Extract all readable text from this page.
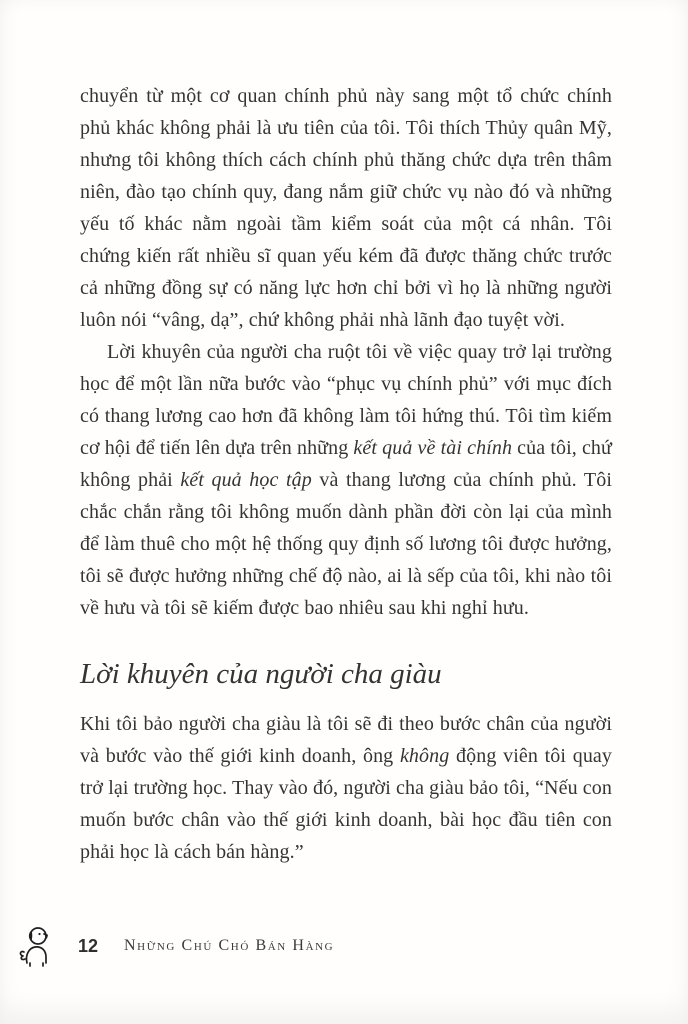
chuyển từ một cơ quan chính phủ này sang một tổ chức chính phủ khác không phải là ưu tiên của tôi. Tôi thích Thủy quân Mỹ, nhưng tôi không thích cách chính phủ thăng chức dựa trên thâm niên, đào tạo chính quy, đang nắm giữ chức vụ nào đó và những yếu tố khác nằm ngoài tầm kiểm soát của một cá nhân. Tôi chứng kiến rất nhiều sĩ quan yếu kém đã được thăng chức trước cả những đồng sự có năng lực hơn chỉ bởi vì họ là những người luôn nói “vâng, dạ”, chứ không phải nhà lãnh đạo tuyệt vời.

Lời khuyên của người cha ruột tôi về việc quay trở lại trường học để một lần nữa bước vào “phục vụ chính phủ” với mục đích có thang lương cao hơn đã không làm tôi hứng thú. Tôi tìm kiếm cơ hội để tiến lên dựa trên những kết quả về tài chính của tôi, chứ không phải kết quả học tập và thang lương của chính phủ. Tôi chắc chắn rằng tôi không muốn dành phần đời còn lại của mình để làm thuê cho một hệ thống quy định số lương tôi được hưởng, tôi sẽ được hưởng những chế độ nào, ai là sếp của tôi, khi nào tôi về hưu và tôi sẽ kiếm được bao nhiêu sau khi nghỉ hưu.

Lời khuyên của người cha giàu

Khi tôi bảo người cha giàu là tôi sẽ đi theo bước chân của người và bước vào thế giới kinh doanh, ông không động viên tôi quay trở lại trường học. Thay vào đó, người cha giàu bảo tôi, “Nếu con muốn bước chân vào thế giới kinh doanh, bài học đầu tiên con phải học là cách bán hàng.”

12 Những Chú Chó Bán Hàng
